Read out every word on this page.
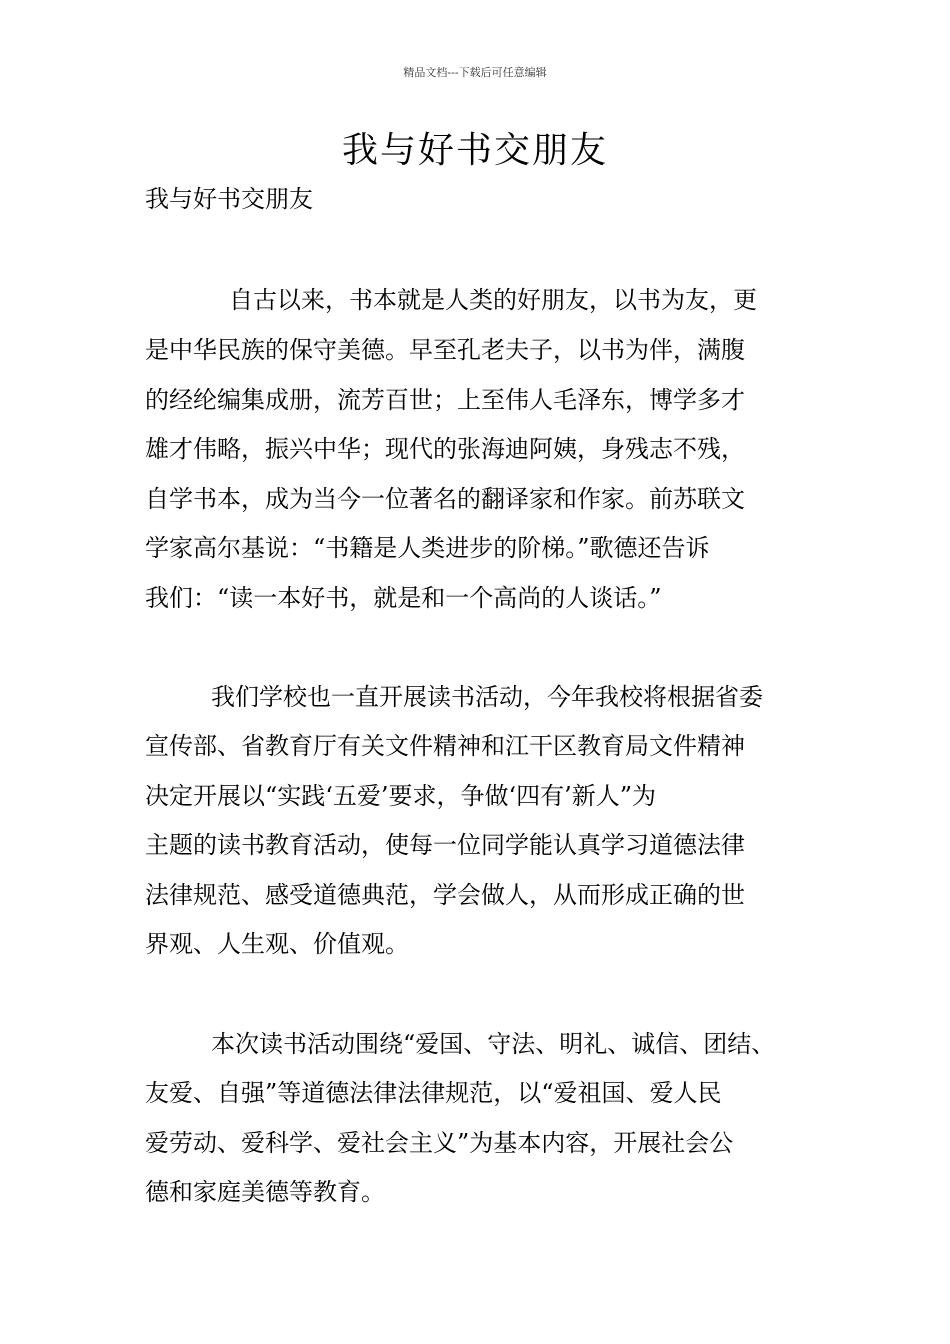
精品文档---下载后可任意编辑
我与好书交朋友
我与好书交朋友
自古以来，书本就是人类的好朋友，以书为友，更
是中华民族的保守美德。早至孔老夫子，以书为伴，满腹
的经纶编集成册，流芳百世；上至伟人毛泽东，博学多才
雄才伟略，振兴中华；现代的张海迪阿姨，身残志不残，
自学书本，成为当今一位著名的翻译家和作家。前苏联文
学家高尔基说：“书籍是人类进步的阶梯。”歌德还告诉
我们：“读一本好书，就是和一个高尚的人谈话。”
我们学校也一直开展读书活动，今年我校将根据省委
宣传部、省教育厅有关文件精神和江干区教育局文件精神
决定开展以“实践‘五爱’要求，争做‘四有’新人”为
主题的读书教育活动，使每一位同学能认真学习道德法律
法律规范、感受道德典范，学会做人，从而形成正确的世
界观、人生观、价值观。
本次读书活动围绕“爱国、守法、明礼、诚信、团结、
友爱、自强”等道德法律法律规范，以“爱祖国、爱人民
爱劳动、爱科学、爱社会主义”为基本内容，开展社会公
德和家庭美德等教育。
